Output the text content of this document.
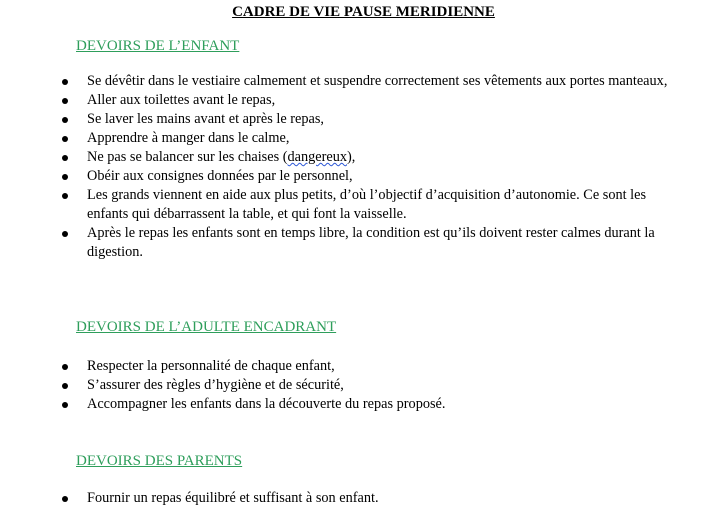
CADRE DE VIE PAUSE MERIDIENNE
DEVOIRS DE L’ENFANT
Se dévêtir dans le vestiaire calmement et suspendre correctement ses vêtements aux portes manteaux,
Aller aux toilettes avant le repas,
Se laver les mains avant et après le repas,
Apprendre à manger dans le calme,
Ne pas se balancer sur les chaises (dangereux),
Obéir aux consignes données par le personnel,
Les grands viennent en aide aux plus petits, d’où l’objectif d’acquisition d’autonomie. Ce sont les enfants qui débarrassent la table, et qui font la vaisselle.
Après le repas les enfants sont en temps libre, la condition est qu’ils doivent rester calmes durant la digestion.
DEVOIRS DE L’ADULTE ENCADRANT
Respecter la personnalité de chaque enfant,
S’assurer des règles d’hygiène et de sécurité,
Accompagner les enfants dans la découverte du repas proposé.
DEVOIRS DES PARENTS
Fournir un repas équilibré et suffisant à son enfant.
